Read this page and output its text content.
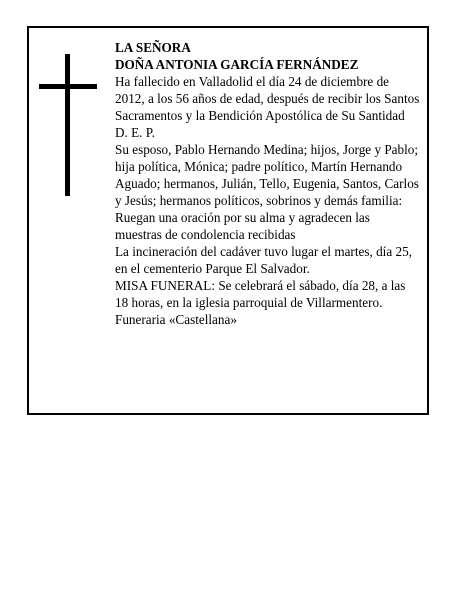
LA SEÑORA

DOÑA ANTONIA GARCÍA FERNÁNDEZ

Ha fallecido en Valladolid el día 24 de diciembre de 2012, a los 56 años de edad, después de recibir los Santos Sacramentos y la Bendición Apostólica de Su Santidad

D. E. P.

Su esposo, Pablo Hernando Medina; hijos, Jorge y Pablo; hija política, Mónica; padre político, Martín Hernando Aguado; hermanos, Julián, Tello, Eugenia, Santos, Carlos y Jesús; hermanos políticos, sobrinos y demás familia:

Ruegan una oración por su alma y agradecen las muestras de condolencia recibidas

La incineración del cadáver tuvo lugar el martes, día 25, en el cementerio Parque El Salvador.

MISA FUNERAL: Se celebrará el sábado, día 28, a las 18 horas, en la iglesia parroquial de Villarmentero.

Funeraria «Castellana»
